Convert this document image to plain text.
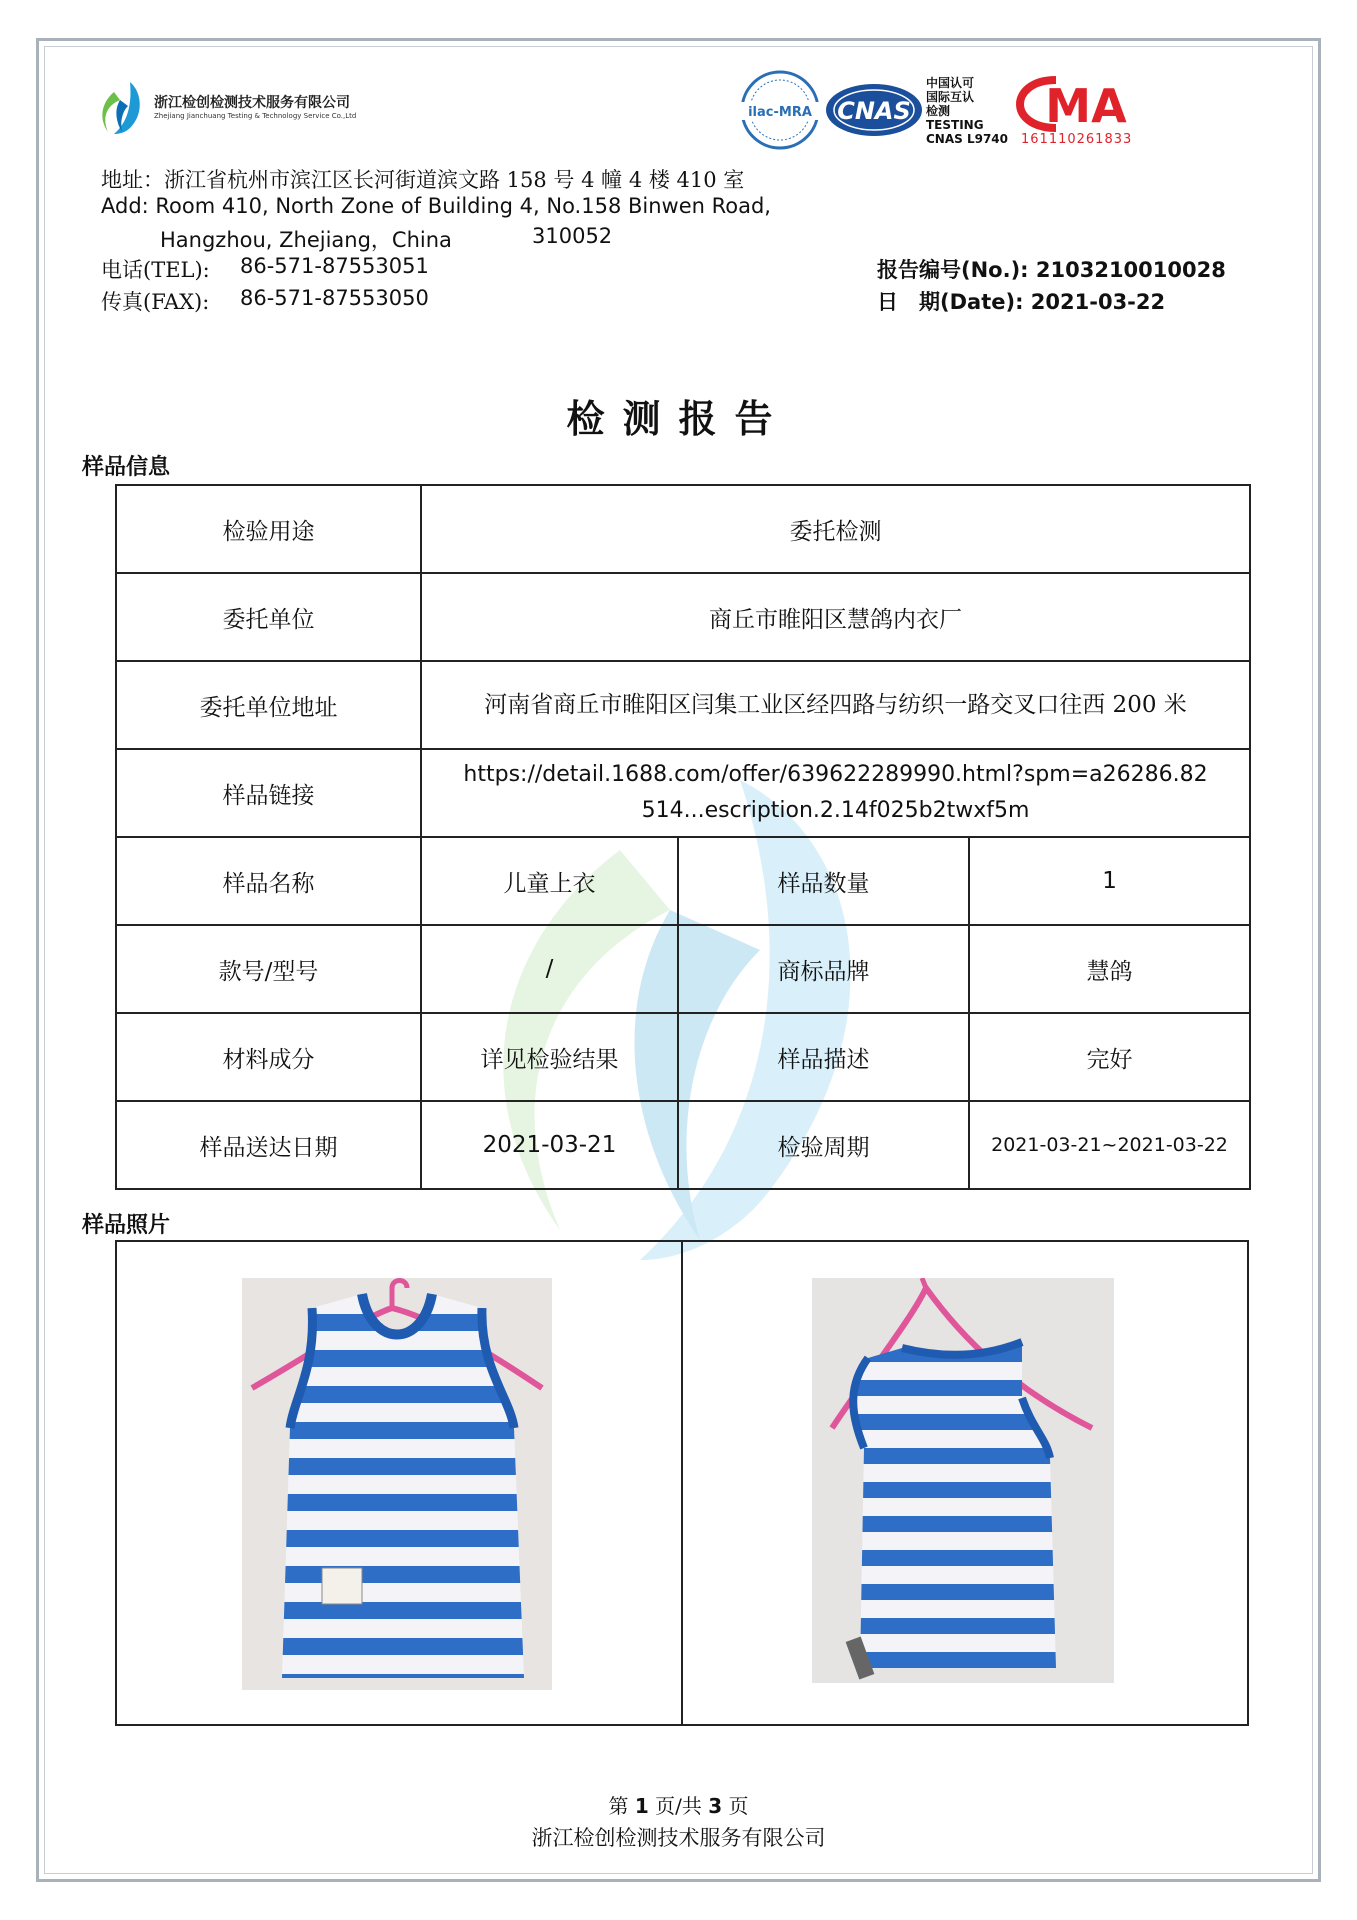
浙江检创检测技术服务有限公司
Zhejiang Jianchuang Testing & Technology Service Co.,Ltd	ilac-MRA CNAS
中国认可
国际互认
检测
TESTING
CNAS L9740
MA
161110261833
地址：浙江省杭州市滨江区长河街道滨文路 158 号 4 幢 4 楼 410 室
Add: Room 410, North Zone of Building 4, No.158 Binwen Road,
Hangzhou, Zhejiang，China	310052
电话(TEL): 86-571-87553051
传真(FAX): 86-571-87553050
报告编号(No.): 2103210010028
日　期(Date): 2021-03-22
检测报告
样品信息
检验用途	委托检测		
委托单位	商丘市睢阳区慧鸽内衣厂		
委托单位地址	河南省商丘市睢阳区闫集工业区经四路与纺织一路交叉口往西 200 米		
样品链接	https://detail.1688.com/offer/639622289990.html?spm=a26286.82
514...escription.2.14f025b2twxf5m		

样品名称	儿童上衣	样品数量	1
款号/型号	/	商标品牌	慧鸽
材料成分	详见检验结果	样品描述	完好
样品送达日期	2021-03-21	检验周期	2021-03-21~2021-03-22
样品照片

第 1 页/共 3 页
浙江检创检测技术服务有限公司
